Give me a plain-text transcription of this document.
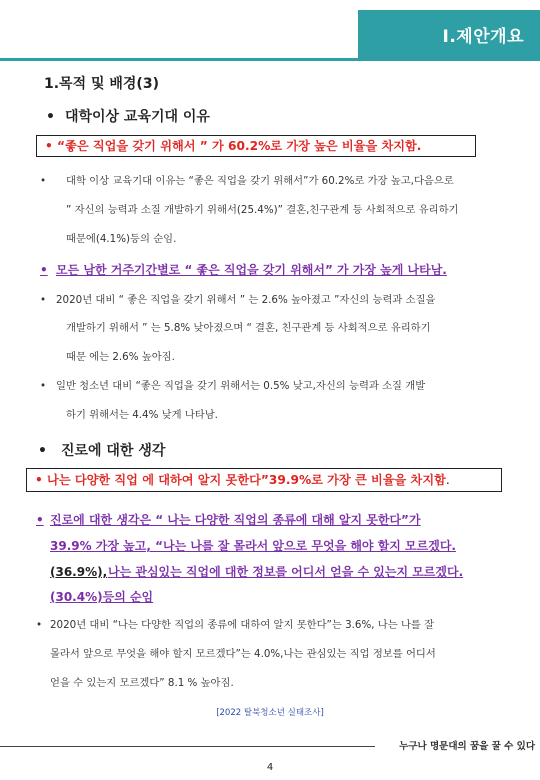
Ⅰ.제안개요
1.목적 및 배경(3)
• 대학이상 교육기대 이유
• “좋은 직업을 갖기 위해서 ” 가 60.2%로 가장 높은 비율을 차지함.
• 대학 이상 교육기대 이유는 “좋은 직업을 갖기 위해서”가 60.2%로 가장 높고,다음으로
” 자신의 능력과 소질 개발하기 위해서(25.4%)” 결혼,친구관계 등 사회적으로 유리하기
때문에(4.1%)등의 순임.
• 모든 남한 거주기간별로 “ 좋은 직업을 갖기 위해서” 가 가장 높게 나타남.
• 2020년 대비 “ 좋은 직업을 갖기 위해서 ” 는 2.6% 높아졌고 ”자신의 능력과 소질을
개발하기 위해서 ” 는 5.8% 낮아졌으며 “ 결혼, 친구관계 등 사회적으로 유리하기
때문 에는 2.6% 높아짐.
• 일반 청소년 대비 “좋은 직업을 갖기 위해서는 0.5% 낮고,자신의 능력과 소질 개발
하기 위해서는 4.4% 낮게 나타남.
• 진로에 대한 생각
• 나는 다양한 직업 에 대하여 알지 못한다”39.9%로 가장 큰 비율을 차지함.
• 진로에 대한 생각은 “ 나는 다양한 직업의 종류에 대해 알지 못한다”가
39.9% 가장 높고, “나는 나를 잘 몰라서 앞으로 무엇을 해야 할지 모르겠다.
(36.9%), 나는 관심있는 직업에 대한 정보를 어디서 얻을 수 있는지 모르겠다.
(30.4%)등의 순임
• 2020년 대비 “나는 다양한 직업의 종류에 대하여 알지 못한다”는 3.6%, 나는 나를 잘
몰라서 앞으로 무엇을 해야 할지 모르겠다”는 4.0%,나는 관심있는 직업 정보를 어디서
얻을 수 있는지 모르겠다” 8.1 % 높아짐.
[2022 탈북청소년 실태조사]
누구나 명문대의 꿈을 꿀 수 있다
4
